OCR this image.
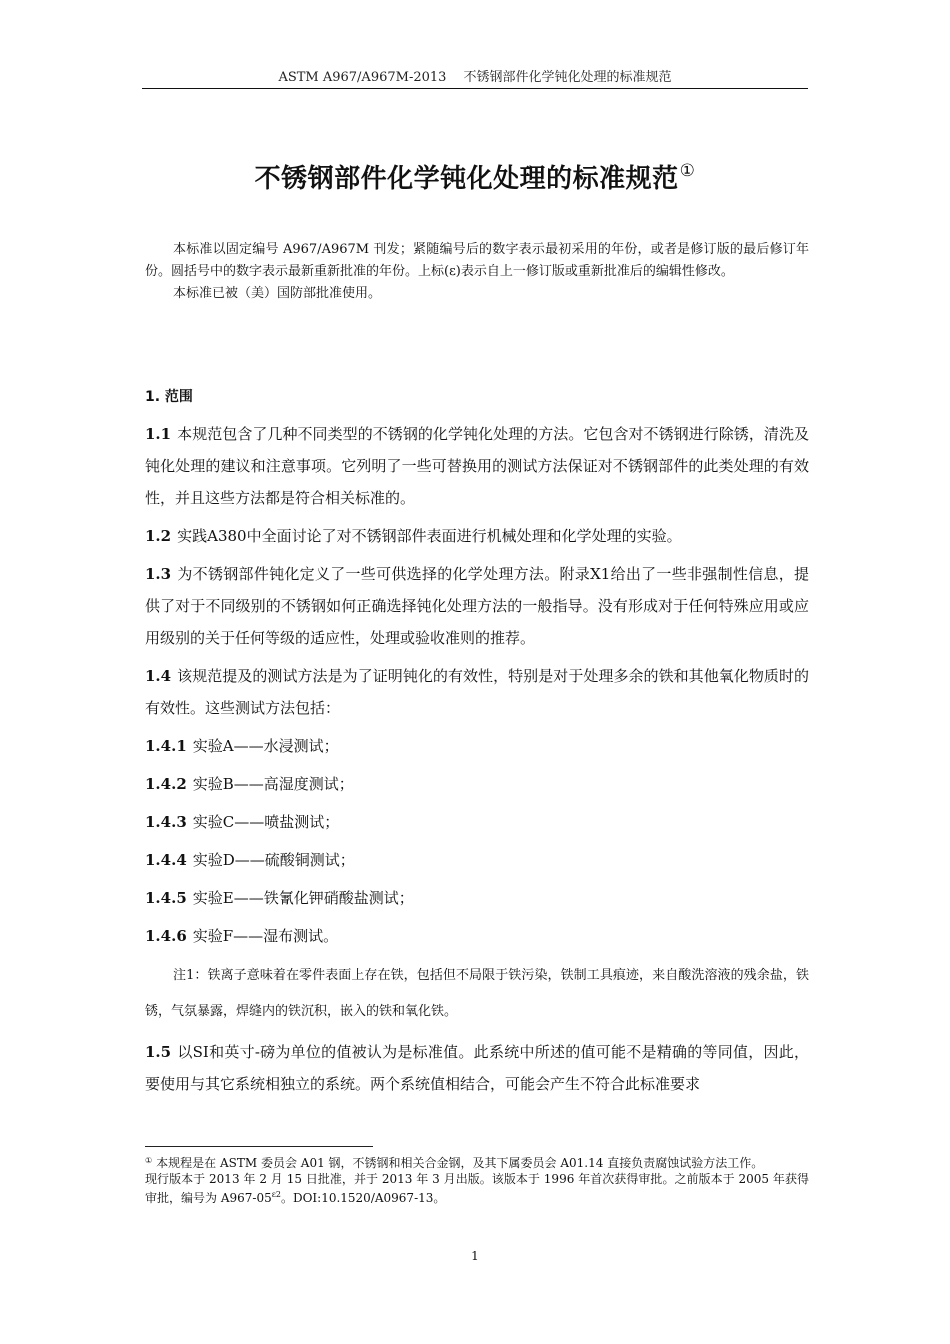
ASTM A967/A967M-2013　 不锈钢部件化学钝化处理的标准规范
不锈钢部件化学钝化处理的标准规范①

本标准以固定编号 A967/A967M 刊发；紧随编号后的数字表示最初采用的年份，或者是修订版的最后修订年份。圆括号中的数字表示最新重新批准的年份。上标(ε)表示自上一修订版或重新批准后的编辑性修改。

本标准已被（美）国防部批准使用。

1. 范围

1.1 本规范包含了几种不同类型的不锈钢的化学钝化处理的方法。它包含对不锈钢进行除锈，清洗及钝化处理的建议和注意事项。它列明了一些可替换用的测试方法保证对不锈钢部件的此类处理的有效性，并且这些方法都是符合相关标准的。

1.2 实践A380中全面讨论了对不锈钢部件表面进行机械处理和化学处理的实验。

1.3 为不锈钢部件钝化定义了一些可供选择的化学处理方法。附录X1给出了一些非强制性信息，提供了对于不同级别的不锈钢如何正确选择钝化处理方法的一般指导。没有形成对于任何特殊应用或应用级别的关于任何等级的适应性，处理或验收准则的推荐。

1.4 该规范提及的测试方法是为了证明钝化的有效性，特别是对于处理多余的铁和其他氧化物质时的有效性。这些测试方法包括：

1.4.1 实验A——水浸测试；
1.4.2 实验B——高湿度测试；
1.4.3 实验C——喷盐测试；
1.4.4 实验D——硫酸铜测试；
1.4.5 实验E——铁氰化钾硝酸盐测试；
1.4.6 实验F——湿布测试。

注1：铁离子意味着在零件表面上存在铁，包括但不局限于铁污染，铁制工具痕迹，来自酸洗溶液的残余盐，铁锈，气氛暴露，焊缝内的铁沉积，嵌入的铁和氧化铁。

1.5 以SI和英寸-磅为单位的值被认为是标准值。此系统中所述的值可能不是精确的等同值，因此，要使用与其它系统相独立的系统。两个系统值相结合，可能会产生不符合此标准要求

① 本规程是在 ASTM 委员会 A01 钢，不锈钢和相关合金钢，及其下属委员会 A01.14 直接负责腐蚀试验方法工作。

现行版本于 2013 年 2 月 15 日批准，并于 2013 年 3 月出版。该版本于 1996 年首次获得审批。之前版本于 2005 年获得审批，编号为 $A967-05^{\varepsilon 2}$。DOI:10.1520/A0967-13。

1
